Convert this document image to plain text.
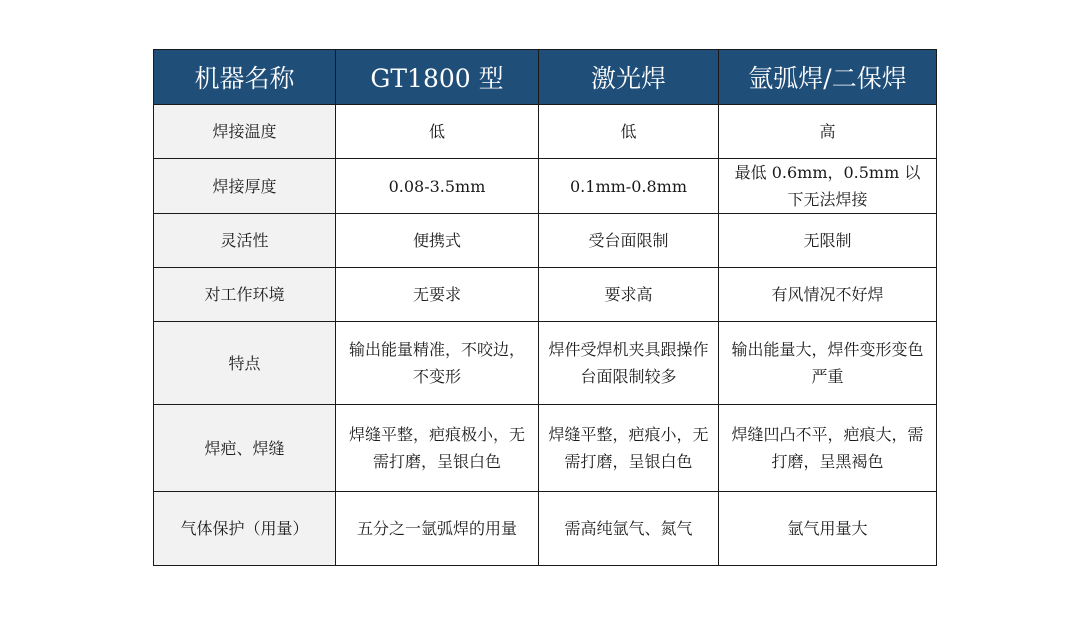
机器名称	GT1800 型	激光焊	氩弧焊/二保焊
焊接温度	低	低	高
焊接厚度	0.08-3.5mm	0.1mm-0.8mm	最低 0.6mm，0.5mm 以下无法焊接
灵活性	便携式	受台面限制	无限制
对工作环境	无要求	要求高	有风情况不好焊
特点	输出能量精准，不咬边，不变形	焊件受焊机夹具跟操作台面限制较多	输出能量大，焊件变形变色严重
焊疤、焊缝	焊缝平整，疤痕极小，无需打磨，呈银白色	焊缝平整，疤痕小，无需打磨，呈银白色	焊缝凹凸不平，疤痕大，需打磨，呈黑褐色
气体保护（用量）	五分之一氩弧焊的用量	需高纯氩气、氮气	氩气用量大
